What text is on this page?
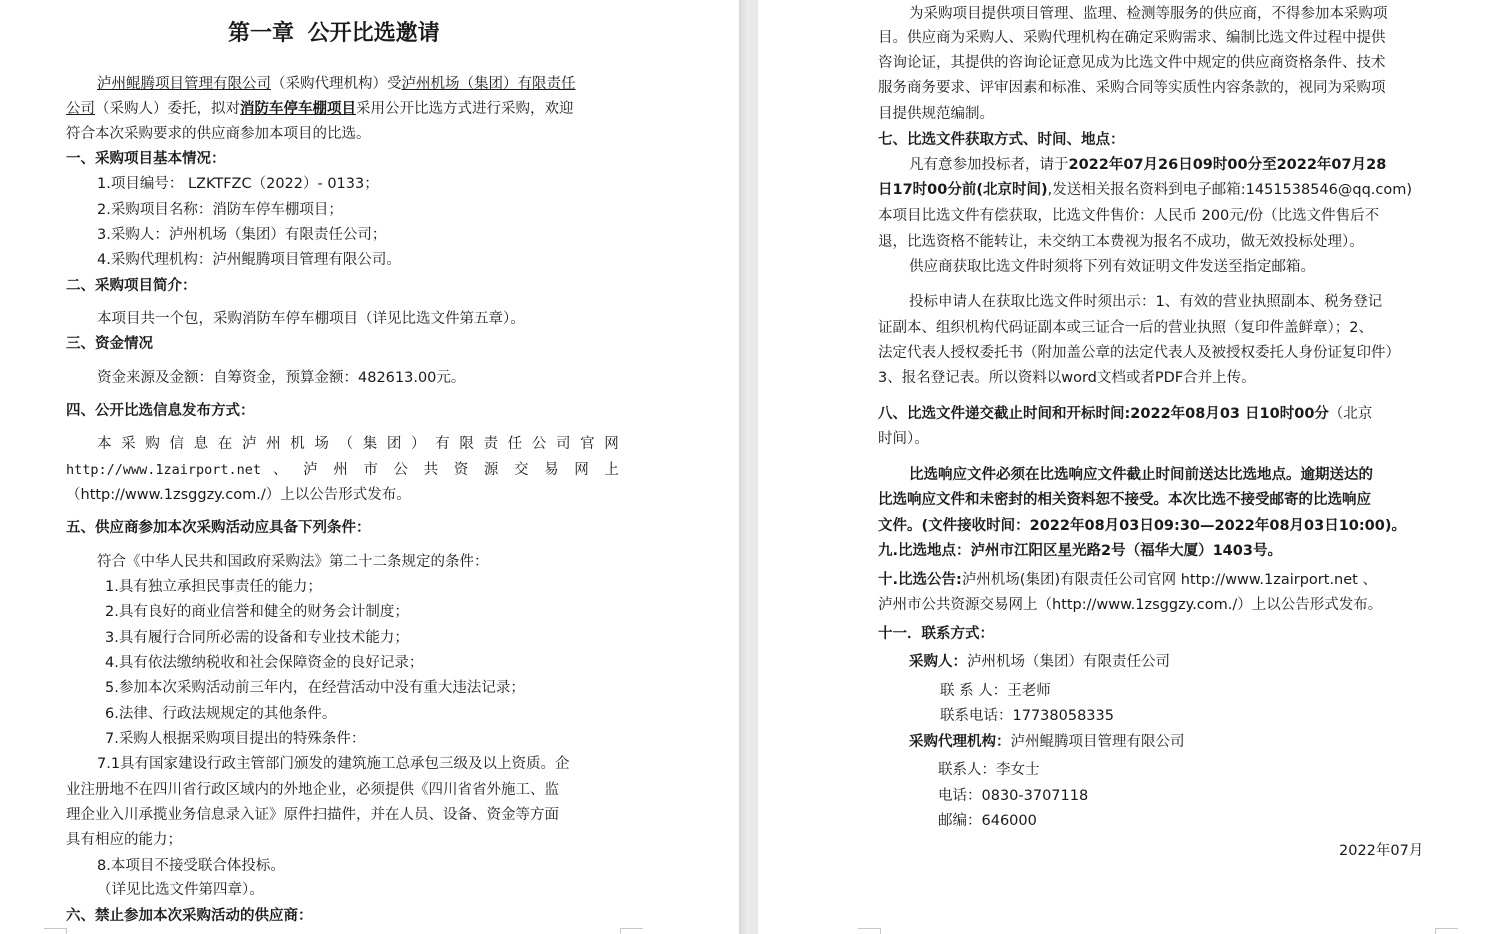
第一章 公开比选邀请
泸州鲲腾项目管理有限公司（采购代理机构）受泸州机场（集团）有限责任
公司（采购人）委托，拟对消防车停车棚项目采用公开比选方式进行采购，欢迎
符合本次采购要求的供应商参加本项目的比选。
一、采购项目基本情况：
1.项目编号： LZKTFZC（2022）- 0133；
2.采购项目名称：消防车停车棚项目；
3.采购人：泸州机场（集团）有限责任公司；
4.采购代理机构：泸州鲲腾项目管理有限公司。
二、采购项目简介：
本项目共一个包，采购消防车停车棚项目（详见比选文件第五章）。
三、资金情况
资金来源及金额：自筹资金，预算金额：482613.00元。
四、公开比选信息发布方式：
本 采 购 信 息 在 泸 州 机 场 （ 集 团 ） 有 限 责 任 公 司 官 网
http://www.1zairport.net 、 泸 州 市 公 共 资 源 交 易 网 上
（http://www.1zsggzy.com./）上以公告形式发布。
五、供应商参加本次采购活动应具备下列条件：
符合《中华人民共和国政府采购法》第二十二条规定的条件：
1.具有独立承担民事责任的能力；
2.具有良好的商业信誉和健全的财务会计制度；
3.具有履行合同所必需的设备和专业技术能力；
4.具有依法缴纳税收和社会保障资金的良好记录；
5.参加本次采购活动前三年内，在经营活动中没有重大违法记录；
6.法律、行政法规规定的其他条件。
7.采购人根据采购项目提出的特殊条件：
7.1具有国家建设行政主管部门颁发的建筑施工总承包三级及以上资质。企
业注册地不在四川省行政区域内的外地企业，必须提供《四川省省外施工、监
理企业入川承揽业务信息录入证》原件扫描件，并在人员、设备、资金等方面
具有相应的能力；
8.本项目不接受联合体投标。
（详见比选文件第四章）。
六、禁止参加本次采购活动的供应商：
为采购项目提供项目管理、监理、检测等服务的供应商，不得参加本采购项
目。供应商为采购人、采购代理机构在确定采购需求、编制比选文件过程中提供
咨询论证，其提供的咨询论证意见成为比选文件中规定的供应商资格条件、技术
服务商务要求、评审因素和标准、采购合同等实质性内容条款的，视同为采购项
目提供规范编制。
七、比选文件获取方式、时间、地点：
凡有意参加投标者，请于2022年07月26日09时00分至2022年07月28
日17时00分前(北京时间),发送相关报名资料到电子邮箱:1451538546@qq.com)
本项目比选文件有偿获取，比选文件售价：人民币 200元/份（比选文件售后不
退，比选资格不能转让，未交纳工本费视为报名不成功，做无效投标处理）。
供应商获取比选文件时须将下列有效证明文件发送至指定邮箱。
投标申请人在获取比选文件时须出示：1、有效的营业执照副本、税务登记
证副本、组织机构代码证副本或三证合一后的营业执照（复印件盖鲜章）；2、
法定代表人授权委托书（附加盖公章的法定代表人及被授权委托人身份证复印件）
3、报名登记表。所以资料以word文档或者PDF合并上传。
八、比选文件递交截止时间和开标时间:2022年08月03 日10时00分（北京
时间）。
比选响应文件必须在比选响应文件截止时间前送达比选地点。逾期送达的
比选响应文件和未密封的相关资料恕不接受。本次比选不接受邮寄的比选响应
文件。(文件接收时间：2022年08月03日09:30—2022年08月03日10:00)。
九.比选地点：泸州市江阳区星光路2号（福华大厦）1403号。
十.比选公告:泸州机场(集团)有限责任公司官网 http://www.1zairport.net 、
泸州市公共资源交易网上（http://www.1zsggzy.com./）上以公告形式发布。
十一．联系方式：
采购人：泸州机场（集团）有限责任公司
联 系 人：王老师
联系电话：17738058335
采购代理机构：泸州鲲腾项目管理有限公司
联系人：李女士
电话：0830-3707118
邮编：646000
2022年07月
